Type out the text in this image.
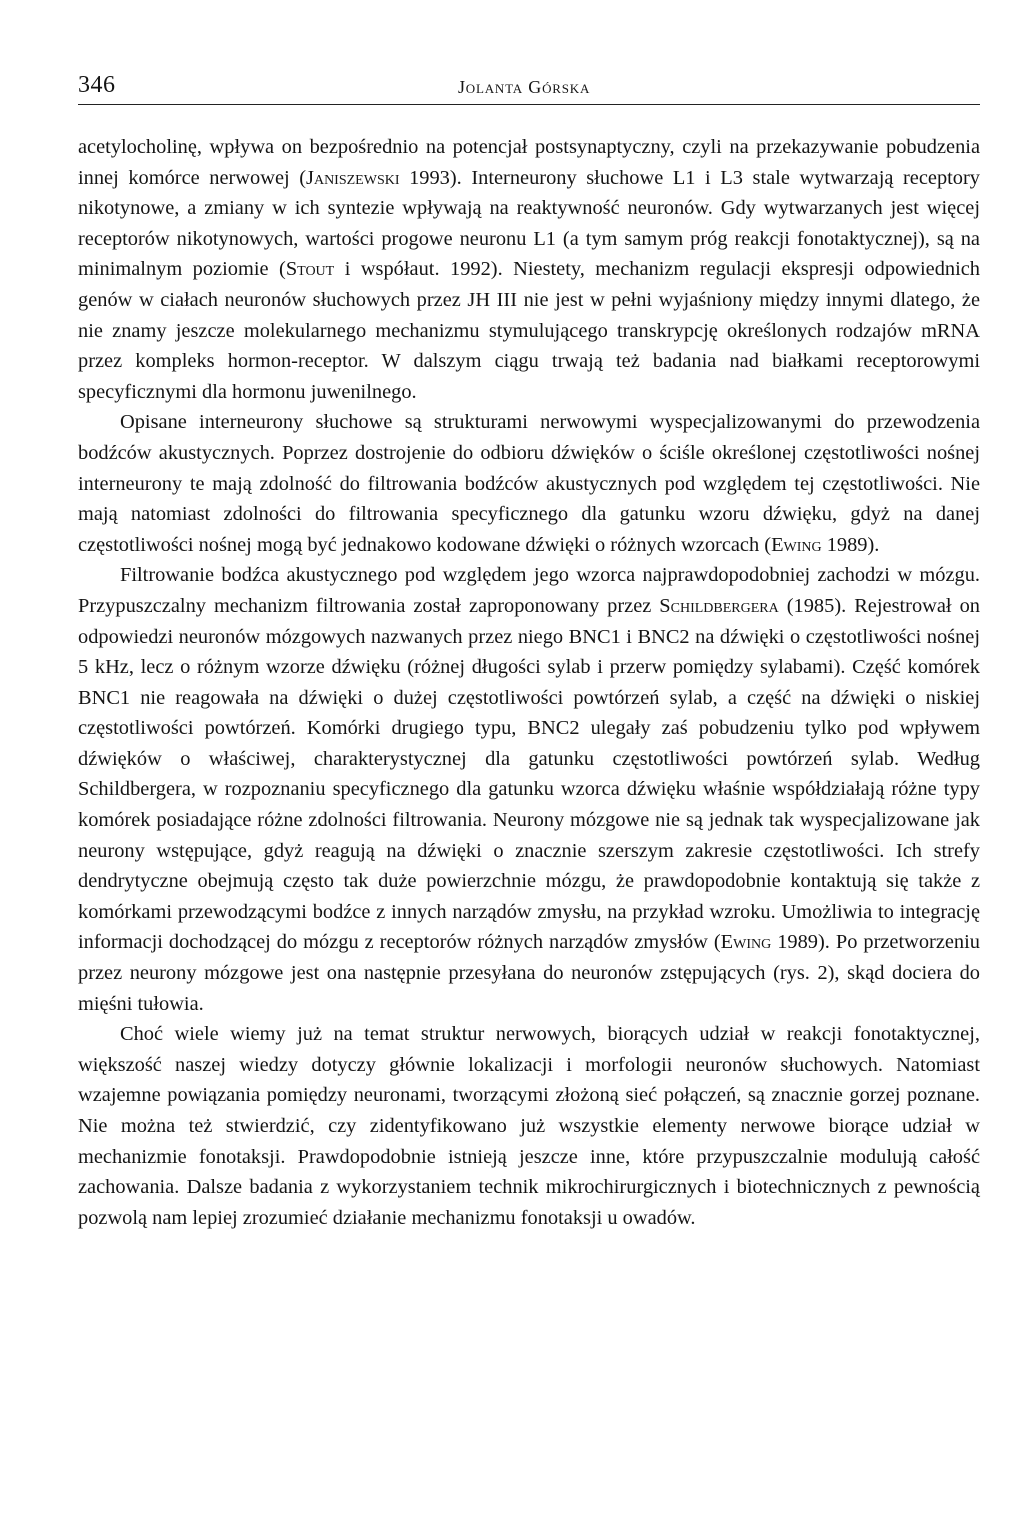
346	Jolanta Górska

acetylocholinę, wpływa on bezpośrednio na potencjał postsynaptyczny, czyli na przekazywanie pobudzenia innej komórce nerwowej (Janiszewski 1993). Interneurony słuchowe L1 i L3 stale wytwarzają receptory nikotynowe, a zmiany w ich syntezie wpływają na reaktywność neuronów. Gdy wytwarzanych jest więcej receptorów nikotynowych, wartości progowe neuronu L1 (a tym samym próg reakcji fonotaktycznej), są na minimalnym poziomie (Stout i współaut. 1992). Niestety, mechanizm regulacji ekspresji odpowiednich genów w ciałach neuronów słuchowych przez JH III nie jest w pełni wyjaśniony między innymi dlatego, że nie znamy jeszcze molekularnego mechanizmu stymulującego transkrypcję określonych rodzajów mRNA przez kompleks hormon-receptor. W dalszym ciągu trwają też badania nad białkami receptorowymi specyficznymi dla hormonu juwenilnego.

Opisane interneurony słuchowe są strukturami nerwowymi wyspecjalizowanymi do przewodzenia bodźców akustycznych. Poprzez dostrojenie do odbioru dźwięków o ściśle określonej częstotliwości nośnej interneurony te mają zdolność do filtrowania bodźców akustycznych pod względem tej częstotliwości. Nie mają natomiast zdolności do filtrowania specyficznego dla gatunku wzoru dźwięku, gdyż na danej częstotliwości nośnej mogą być jednakowo kodowane dźwięki o różnych wzorcach (Ewing 1989).

Filtrowanie bodźca akustycznego pod względem jego wzorca najprawdopodobniej zachodzi w mózgu. Przypuszczalny mechanizm filtrowania został zaproponowany przez Schildbergera (1985). Rejestrował on odpowiedzi neuronów mózgowych nazwanych przez niego BNC1 i BNC2 na dźwięki o częstotliwości nośnej 5 kHz, lecz o różnym wzorze dźwięku (różnej długości sylab i przerw pomiędzy sylabami). Część komórek BNC1 nie reagowała na dźwięki o dużej częstotliwości powtórzeń sylab, a część na dźwięki o niskiej częstotliwości powtórzeń. Komórki drugiego typu, BNC2 ulegały zaś pobudzeniu tylko pod wpływem dźwięków o właściwej, charakterystycznej dla gatunku częstotliwości powtórzeń sylab. Według Schildbergera, w rozpoznaniu specyficznego dla gatunku wzorca dźwięku właśnie współdziałają różne typy komórek posiadające różne zdolności filtrowania. Neurony mózgowe nie są jednak tak wyspecjalizowane jak neurony wstępujące, gdyż reagują na dźwięki o znacznie szerszym zakresie częstotliwości. Ich strefy dendrytyczne obejmują często tak duże powierzchnie mózgu, że prawdopodobnie kontaktują się także z komórkami przewodzącymi bodźce z innych narządów zmysłu, na przykład wzroku. Umożliwia to integrację informacji dochodzącej do mózgu z receptorów różnych narządów zmysłów (Ewing 1989). Po przetworzeniu przez neurony mózgowe jest ona następnie przesyłana do neuronów zstępujących (rys. 2), skąd dociera do mięśni tułowia.

Choć wiele wiemy już na temat struktur nerwowych, biorących udział w reakcji fonotaktycznej, większość naszej wiedzy dotyczy głównie lokalizacji i morfologii neuronów słuchowych. Natomiast wzajemne powiązania pomiędzy neuronami, tworzącymi złożoną sieć połączeń, są znacznie gorzej poznane. Nie można też stwierdzić, czy zidentyfikowano już wszystkie elementy nerwowe biorące udział w mechanizmie fonotaksji. Prawdopodobnie istnieją jeszcze inne, które przypuszczalnie modulują całość zachowania. Dalsze badania z wykorzystaniem technik mikrochirurgicznych i biotechnicznych z pewnością pozwolą nam lepiej zrozumieć działanie mechanizmu fonotaksji u owadów.
